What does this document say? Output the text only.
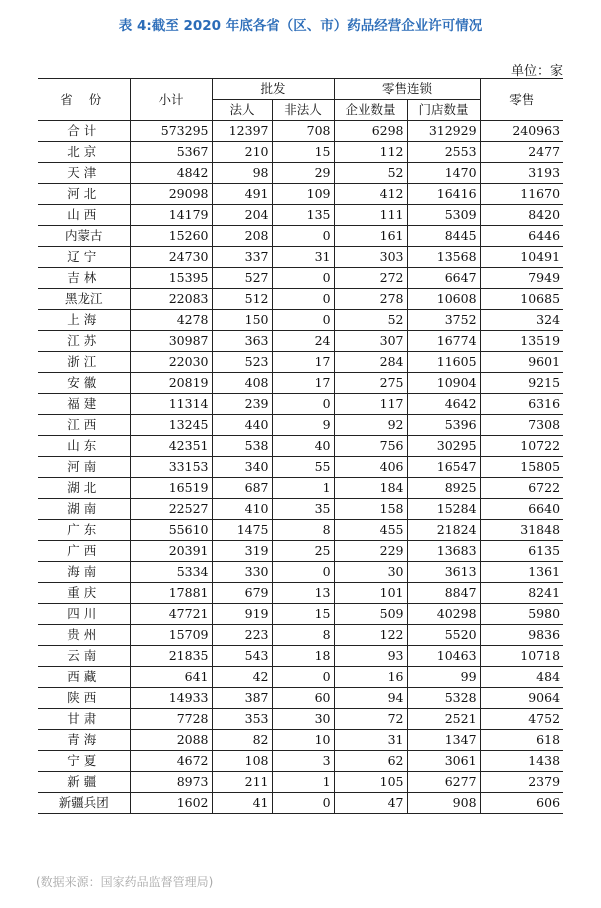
表 4:截至 2020 年底各省（区、市）药品经营企业许可情况
单位：家
省 份	小计	批发		零售连锁		零售
		法人	非法人	企业数量	门店数量	
合计	573295	12397	708	6298	312929	240963
北京	5367	210	15	112	2553	2477
天津	4842	98	29	52	1470	3193
河北	29098	491	109	412	16416	11670
山西	14179	204	135	111	5309	8420
内蒙古	15260	208	0	161	8445	6446
辽宁	24730	337	31	303	13568	10491
吉林	15395	527	0	272	6647	7949
黑龙江	22083	512	0	278	10608	10685
上海	4278	150	0	52	3752	324
江苏	30987	363	24	307	16774	13519
浙江	22030	523	17	284	11605	9601
安徽	20819	408	17	275	10904	9215
福建	11314	239	0	117	4642	6316
江西	13245	440	9	92	5396	7308
山东	42351	538	40	756	30295	10722
河南	33153	340	55	406	16547	15805
湖北	16519	687	1	184	8925	6722
湖南	22527	410	35	158	15284	6640
广东	55610	1475	8	455	21824	31848
广西	20391	319	25	229	13683	6135
海南	5334	330	0	30	3613	1361
重庆	17881	679	13	101	8847	8241
四川	47721	919	15	509	40298	5980
贵州	15709	223	8	122	5520	9836
云南	21835	543	18	93	10463	10718
西藏	641	42	0	16	99	484
陕西	14933	387	60	94	5328	9064
甘肃	7728	353	30	72	2521	4752
青海	2088	82	10	31	1347	618
宁夏	4672	108	3	62	3061	1438
新疆	8973	211	1	105	6277	2379
新疆兵团	1602	41	0	47	908	606
(数据来源：国家药品监督管理局)
